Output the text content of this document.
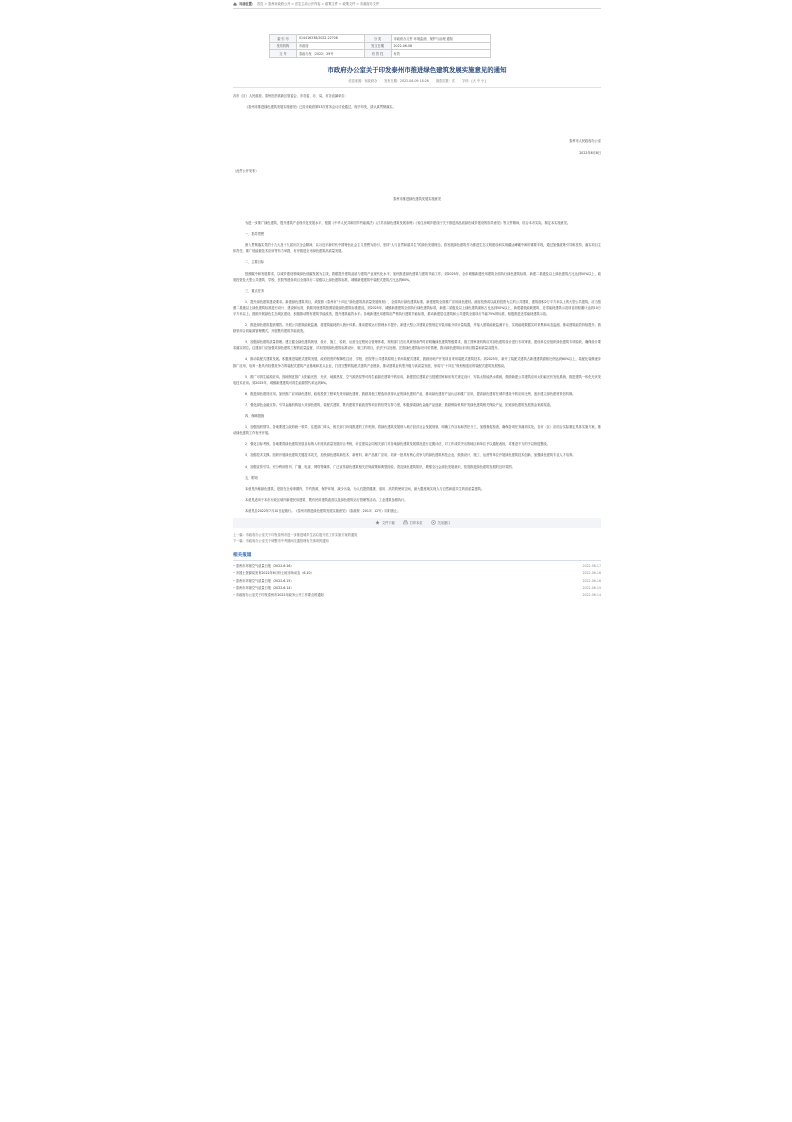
当前位置： 首页>泰州市政府公开>法定主动公开内容>政策文件>政策文件>市政府办文件
索 引 号	014416338/2022-22708	分 类	市政府办文件 环境监测、保护与治理 通知
发布机构	市政府	发文日期	2022-06-08
文 号	泰政办发〔2022〕29号	有 效 性	有效
市政府办公室关于印发泰州市推进绿色建筑发展实施意见的通知
信息来源：市政府办 发布日期：2022-06-09 18:26 浏览次数：次 字体：[大 中 小]

各市（区）人民政府，泰州医药高新区管委会，市各委、办、局，市各直属单位：

《泰州市推进绿色建筑发展实施意见》已经市政府第53次常务会议讨论通过，现予印发，请认真贯彻落实。

泰州市人民政府办公室

2022年6月8日

（此件公开发布）

泰州市推进绿色建筑发展实施意见

为进一步推广绿色建筑，提升建筑产业现代化发展水平，根据《中华人民共和国节约能源法》《江苏省绿色建筑发展条例》《省住房城乡建设厅关于推进高品质绿色城乡建设的指导意见》等文件精神，结合本市实际，制定本实施意见。

一、指导思想

深入贯彻落实党的十九大及十九届历次全会精神，以习近平新时代中国特色社会主义思想为指引，坚持“人与自然和谐共生”的绿色发展理念，将发展绿色建筑作为推进生态文明建设和实现碳达峰碳中和的重要手段，通过加强政策引导和扶持，落实项目主体责任，推广低能耗技术应用等有力举措，有序推进全市绿色建筑高质量发展。

二、主要目标

按照碳中和发展要求，以城乡建设领域绿色低碳发展为主线，着眼提升建筑品质与建筑产业现代化水平，加快推进绿色建筑与建筑节能工作，到2025年，全市城镇新建民用建筑全面执行绿色建筑标准，新建二星级及以上绿色建筑占比达到50%以上，政府投资及大型公共建筑、学校、医院等建设项目全面执行二星级以上绿色建筑标准，城镇新建建筑中装配式建筑占比达到60%。

三、重点任务

1．提升绿色建筑建设要求。新建绿色建筑项目，须按照《泰州市“十四五”绿色建筑高质量发展规划》、全面执行绿色建筑标准，新建建筑全面推广应用绿色建材。政府投资或以政府投资为主的公共建筑、建筑面积2万平方米以上的大型公共建筑，应当按照二星级以上绿色建筑标准进行设计、建设和运营，鼓励其他建筑按照星级绿色建筑标准建设。到2025年，城镇新建建筑全面执行绿色建筑标准，新建二星级及以上绿色建筑面积占比达到50%以上，新建超低能耗建筑、近零能耗建筑示范项目面积累计达到10万平方米以上。鼓励开展绿色生态城区建设，积极推动既有建筑节能改造，提升建筑能效水平。各地新建民用建筑应严格执行建筑节能标准，推动新建居住建筑和公共建筑全面执行节能75%的标准，积极推进近零能耗建筑示范。

2．推进绿色建筑提质增效。开展公共建筑能耗监测，将建筑能耗纳入统计体系，推动建筑运行管理水平提升。新建大型公共建筑应按规定安装用能分项计量装置，并接入建筑能耗监测平台，实现能耗数据实时采集和动态监测，推动建筑能效持续提升。鼓励采用合同能源管理模式，开展既有建筑节能改造。

3．加强绿色建筑质量管理。建立健全绿色建筑规划、设计、施工、验收、运营全过程闭合管理体系，规划部门在出具规划条件时应明确绿色建筑等级要求，施工图审查机构应对绿色建筑设计进行专项审查，建设单位应组织绿色建筑专项验收，确保设计要求落实到位。住建部门应加强对绿色建筑工程的质量监督，对未按照绿色建筑标准设计、施工的项目，依法予以处理。完善绿色建筑标识评价管理，推动绿色建筑标识项目数量和质量双提升。

4．推动装配式建筑发展。积极推进装配式建筑发展，政府投资的保障性住房、学校、医院等公共建筑原则上采用装配式建筑，鼓励房地产开发项目采用装配式建筑技术。到2025年，新开工装配式建筑占新建建筑面积比例达到60%以上，装配化装修逐步推广应用，培育一批具有较强竞争力的装配式建筑产业基地和龙头企业，打造完整的装配式建筑产业链条，推动建筑业转型升级与高质量发展，形成与“十四五”规划相适应的装配式建筑发展格局。

5．推广可再生能源应用。因地制宜推广太阳能光热、光伏、地源热泵、空气源热泵等可再生能源在建筑中的应用，新建居住建筑应当按照国家和省有关规定设计、安装太阳能热水系统，鼓励新建公共建筑应用太阳能光伏发电系统，推进建筑一体化光伏发电技术应用。到2025年，城镇新建建筑可再生能源替代率达到8%。

6．推进绿色建材应用。加快推广应用绿色建材，政府投资工程率先采用绿色建材，鼓励其他工程选用获得认证的绿色建材产品，推动绿色建材产品认证和推广应用，提高绿色建材在城乡建设中的应用比例，逐步建立绿色建材采信机制。

7．强化绿色金融支持。引导金融机构加大对绿色建筑、装配式建筑、既有建筑节能改造等项目的信贷支持力度，积极探索绿色金融产品创新，鼓励保险机构开发绿色建筑相关保险产品，拓宽绿色建筑发展资金来源渠道。

四、保障措施

1．加强组织领导。各地要建立政府统一领导、住建部门牵头、相关部门协同推进的工作机制，将绿色建筑发展纳入地方经济社会发展规划，明确工作目标和责任分工，加强督促检查，确保各项任务落到实处。各市（区）应结合实际制定具体实施方案，推动绿色建筑工作有序开展。

2．强化目标考核。各地要将绿色建筑发展目标纳入年度高质量发展综合考核，市住建局会同相关部门对各地绿色建筑发展情况进行定期评估，对工作成效突出的地区和单位予以通报表扬，对推进不力的予以督促整改。

3．加强技术支撑。组织开展绿色建筑关键技术攻关，加快绿色建筑新技术、新材料、新产品推广应用，培育一批具有核心竞争力的绿色建筑科技企业，鼓励设计、施工、运营等单位开展绿色建筑技术创新，加强绿色建筑专业人才培养。

4．加强宣传引导。充分利用报刊、广播、电视、网络等媒体，广泛宣传绿色建筑相关法规政策和典型经验，普及绿色建筑知识，增强全社会绿色发展意识，营造推进绿色建筑发展的良好氛围。

五、附则

本意见所称绿色建筑，是指在全寿命期内，节约资源、保护环境、减少污染，为人们提供健康、适用、高效的使用空间，最大限度地实现人与自然和谐共生的高质量建筑。

本意见适用于本市行政区域内新建民用建筑、既有民用建筑改造以及绿色建筑运行管理等活动。工业建筑参照执行。

本意见自2022年7月10日起施行。《泰州市推进绿色建筑发展实施意见》（泰政规〔2013〕12号）同时废止。

文件下载	打印本页	关闭窗口
上一篇：市政府办公室关于印发泰州市进一步推进城乡生活垃圾分类工作实施方案的通知
下一篇：市政府办公室关于调整市中考期间交通管理有关事项的通知
相关报道
• 泰州市环境空气质量日报（2022.6.16）	2022-06-17
• 市国土资源局发布2022年6月份土地市场动态（6.10）	2022-06-16
• 泰州市环境空气质量日报（2022.6.15）	2022-06-16
• 泰州市环境空气质量日报（2022.6.14）	2022-06-15
• 市政府办公室关于印发泰州市2022年政务公开工作要点的通知	2022-06-14
